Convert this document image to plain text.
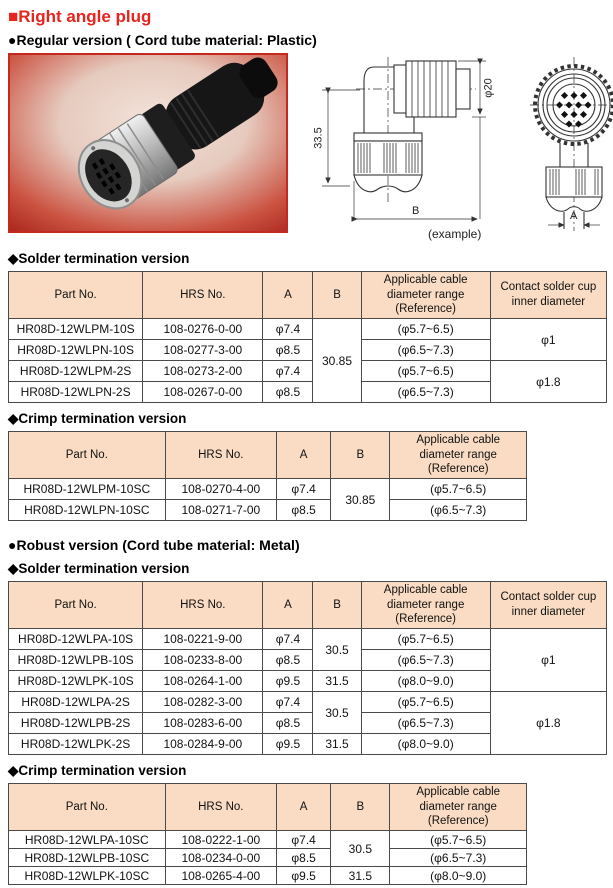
■Right angle plug
●Regular version ( Cord tube material: Plastic)
33.5
φ20
B	A
(example)
◆Solder termination version
Part No.	HRS No.	A	B	Applicable cable diameter range (Reference)	Contact solder cup inner diameter
HR08D-12WLPM-10S	108-0276-0-00	φ7.4	30.85	(φ5.7~6.5)	φ1
HR08D-12WLPN-10S	108-0277-3-00	φ8.5		(φ6.5~7.3)	
HR08D-12WLPM-2S	108-0273-2-00	φ7.4		(φ5.7~6.5)	φ1.8
HR08D-12WLPN-2S	108-0267-0-00	φ8.5		(φ6.5~7.3)	
◆Crimp termination version
Part No.	HRS No.	A	B	Applicable cable diameter range (Reference)
HR08D-12WLPM-10SC	108-0270-4-00	φ7.4	30.85	(φ5.7~6.5)
HR08D-12WLPN-10SC	108-0271-7-00	φ8.5		(φ6.5~7.3)
●Robust version (Cord tube material: Metal)
◆Solder termination version
Part No.	HRS No.	A	B	Applicable cable diameter range (Reference)	Contact solder cup inner diameter
HR08D-12WLPA-10S	108-0221-9-00	φ7.4	30.5	(φ5.7~6.5)	φ1
HR08D-12WLPB-10S	108-0233-8-00	φ8.5		(φ6.5~7.3)	
HR08D-12WLPK-10S	108-0264-1-00	φ9.5	31.5	(φ8.0~9.0)	
HR08D-12WLPA-2S	108-0282-3-00	φ7.4	30.5	(φ5.7~6.5)	φ1.8
HR08D-12WLPB-2S	108-0283-6-00	φ8.5		(φ6.5~7.3)	
HR08D-12WLPK-2S	108-0284-9-00	φ9.5	31.5	(φ8.0~9.0)	
◆Crimp termination version
Part No.	HRS No.	A	B	Applicable cable diameter range (Reference)
HR08D-12WLPA-10SC	108-0222-1-00	φ7.4	30.5	(φ5.7~6.5)
HR08D-12WLPB-10SC	108-0234-0-00	φ8.5		(φ6.5~7.3)
HR08D-12WLPK-10SC	108-0265-4-00	φ9.5	31.5	(φ8.0~9.0)
